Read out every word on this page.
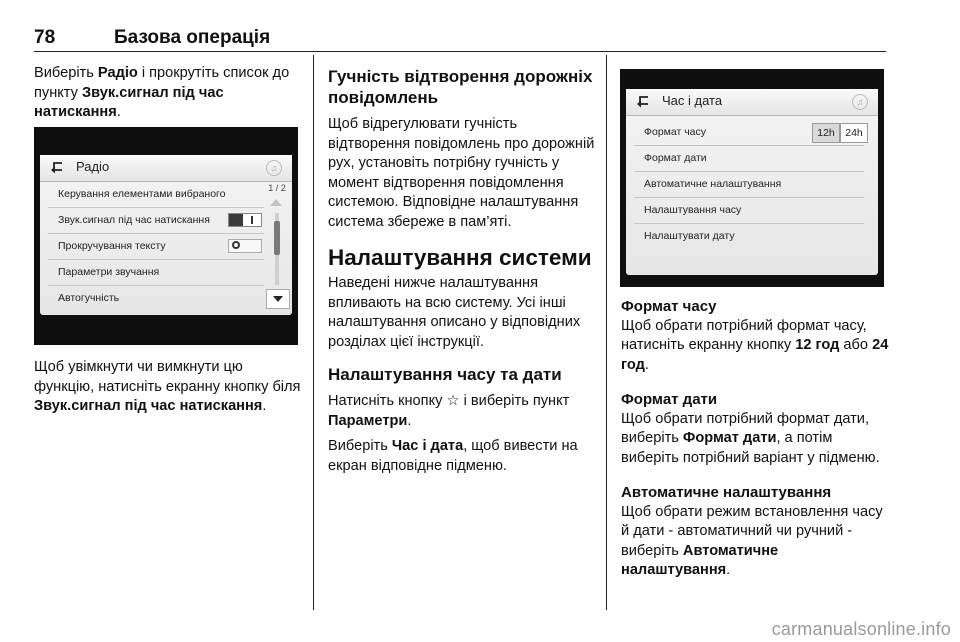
78	Базова операція

Виберіть Радіо і прокрутіть список до пункту Звук.сигнал під час натискання.

Радіо	♫
Керування елементами вибраного
Звук.сигнал під час натискання
Прокручування тексту
Параметри звучання
Автогучність
1 / 2

Щоб увімкнути чи вимкнути цю функцію, натисніть екранну кнопку біля Звук.сигнал під час натискання.

Гучність відтворення дорожніх повідомлень

Щоб відрегулювати гучність відтворення повідомлень про дорожній рух, установіть потрібну гучність у момент відтворення повідомлення системою. Відповідне налаштування система збереже в пам’яті.

Налаштування системи

Наведені нижче налаштування впливають на всю систему. Усі інші налаштування описано у відповідних розділах цієї інструкції.

Налаштування часу та дати

Натисніть кнопку ☆ і виберіть пункт Параметри.

Виберіть Час і дата, щоб вивести на екран відповідне підменю.

Час і дата	♫
Формат часу	12h 24h
Формат дати
Автоматичне налаштування
Налаштування часу
Налаштувати дату

Формат часу

Щоб обрати потрібний формат часу, натисніть екранну кнопку 12 год або 24 год.

Формат дати

Щоб обрати потрібний формат дати, виберіть Формат дати, а потім виберіть потрібний варіант у підменю.

Автоматичне налаштування

Щоб обрати режим встановлення часу й дати - автоматичний чи ручний - виберіть Автоматичне налаштування.

carmanualsonline.info
